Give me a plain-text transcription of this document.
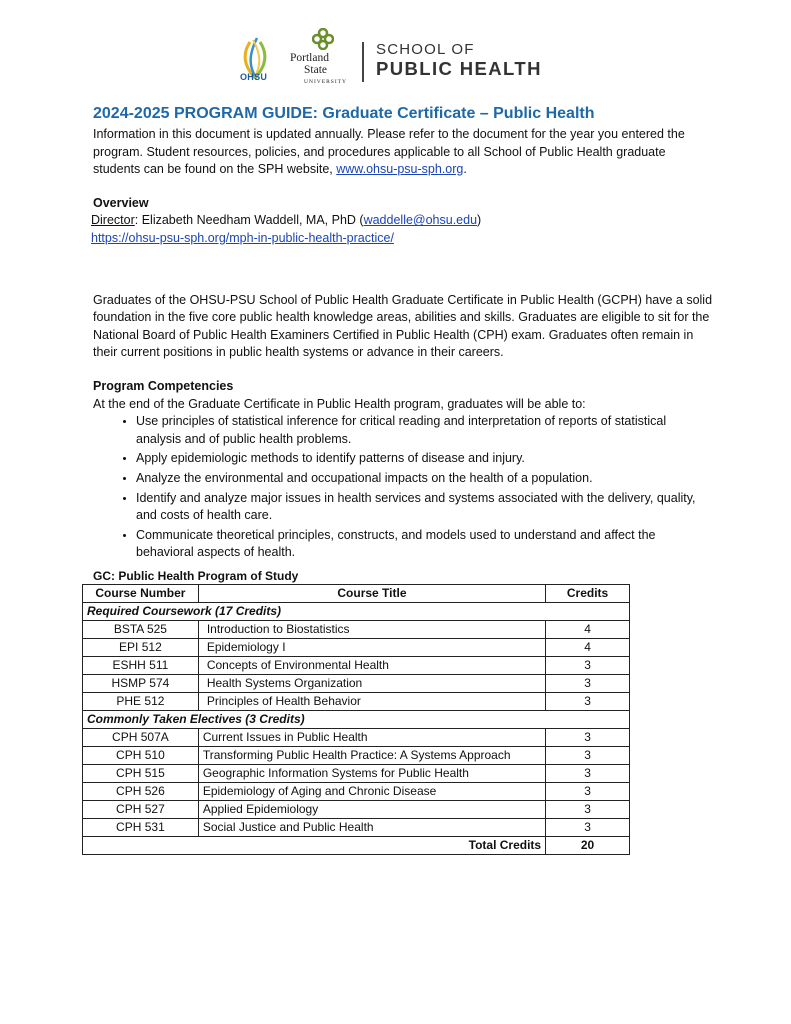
OHSU
Portland
State
UNIVERSITY
SCHOOL OF
PUBLIC HEALTH
2024-2025 PROGRAM GUIDE: Graduate Certificate – Public Health

Information in this document is updated annually. Please refer to the document for the year you entered the program. Student resources, policies, and procedures applicable to all School of Public Health graduate students can be found on the SPH website, www.ohsu-psu-sph.org.

Overview

Director: Elizabeth Needham Waddell, MA, PhD (waddelle@ohsu.edu)

https://ohsu-psu-sph.org/mph-in-public-health-practice/

Graduates of the OHSU-PSU School of Public Health Graduate Certificate in Public Health (GCPH) have a solid foundation in the five core public health knowledge areas, abilities and skills. Graduates are eligible to sit for the National Board of Public Health Examiners Certified in Public Health (CPH) exam. Graduates often remain in their current positions in public health systems or advance in their careers.

Program Competencies

At the end of the Graduate Certificate in Public Health program, graduates will be able to:

• Use principles of statistical inference for critical reading and interpretation of reports of statistical analysis and of public health problems.
• Apply epidemiologic methods to identify patterns of disease and injury.
• Analyze the environmental and occupational impacts on the health of a population.
• Identify and analyze major issues in health services and systems associated with the delivery, quality, and costs of health care.
• Communicate theoretical principles, constructs, and models used to understand and affect the behavioral aspects of health.
GC: Public Health Program of Study
Course Number	Course Title	Credits
Required Coursework (17 Credits)		
BSTA 525	Introduction to Biostatistics	4
EPI 512	Epidemiology I	4
ESHH 511	Concepts of Environmental Health	3
HSMP 574	Health Systems Organization	3
PHE 512	Principles of Health Behavior	3
Commonly Taken Electives (3 Credits)		
CPH 507A	Current Issues in Public Health	3
CPH 510	Transforming Public Health Practice: A Systems Approach	3
CPH 515	Geographic Information Systems for Public Health	3
CPH 526	Epidemiology of Aging and Chronic Disease	3
CPH 527	Applied Epidemiology	3
CPH 531	Social Justice and Public Health	3
Total Credits		20
